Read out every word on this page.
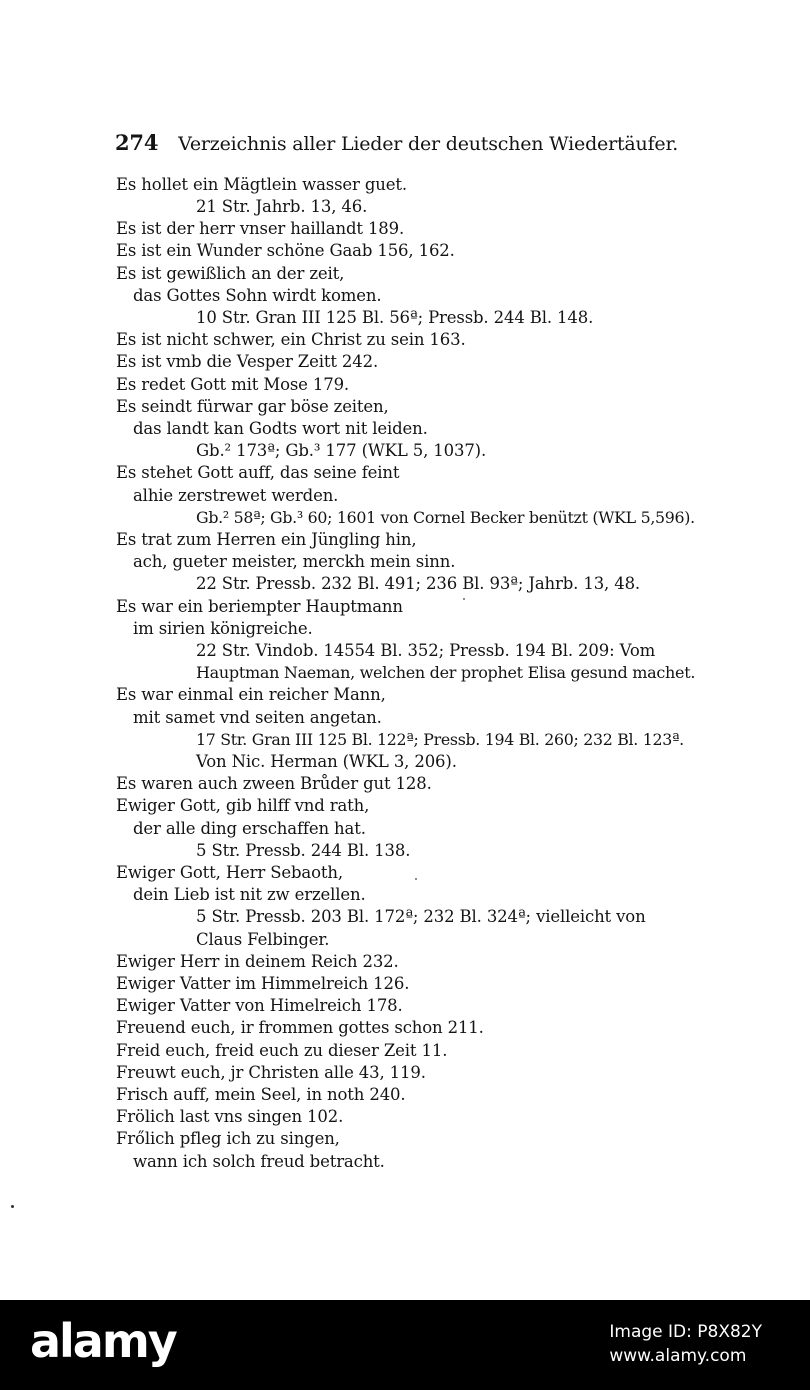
274 Verzeichnis aller Lieder der deutschen Wiedertäufer.
Es hollet ein Mägtlein wasser guet.
21 Str. Jahrb. 13, 46.
Es ist der herr vnser haillandt 189.
Es ist ein Wunder schöne Gaab 156, 162.
Es ist gewißlich an der zeit,
das Gottes Sohn wirdt komen.
10 Str. Gran III 125 Bl. 56ª; Pressb. 244 Bl. 148.
Es ist nicht schwer, ein Christ zu sein 163.
Es ist vmb die Vesper Zeitt 242.
Es redet Gott mit Mose 179.
Es seindt fürwar gar böse zeiten,
das landt kan Godts wort nit leiden.
Gb.² 173ª; Gb.³ 177 (WKL 5, 1037).
Es stehet Gott auff, das seine feint
alhie zerstrewet werden.
Gb.² 58ª; Gb.³ 60; 1601 von Cornel Becker benützt (WKL 5,596).
Es trat zum Herren ein Jüngling hin,
ach, gueter meister, merckh mein sinn.
22 Str. Pressb. 232 Bl. 491; 236 Bl. 93ª; Jahrb. 13, 48.
Es war ein beriempter Hauptmann
im sirien königreiche.
22 Str. Vindob. 14554 Bl. 352; Pressb. 194 Bl. 209: Vom
Hauptman Naeman, welchen der prophet Elisa gesund machet.
Es war einmal ein reicher Mann,
mit samet vnd seiten angetan.
17 Str. Gran III 125 Bl. 122ª; Pressb. 194 Bl. 260; 232 Bl. 123ª.
Von Nic. Herman (WKL 3, 206).
Es waren auch zween Brůder gut 128.
Ewiger Gott, gib hilff vnd rath,
der alle ding erschaffen hat.
5 Str. Pressb. 244 Bl. 138.
Ewiger Gott, Herr Sebaoth,
dein Lieb ist nit zw erzellen.
5 Str. Pressb. 203 Bl. 172ª; 232 Bl. 324ª; vielleicht von
Claus Felbinger.
Ewiger Herr in deinem Reich 232.
Ewiger Vatter im Himmelreich 126.
Ewiger Vatter von Himelreich 178.
Freuend euch, ir frommen gottes schon 211.
Freid euch, freid euch zu dieser Zeit 11.
Freuwt euch, jr Christen alle 43, 119.
Frisch auff, mein Seel, in noth 240.
Frölich last vns singen 102.
Frőlich pfleg ich zu singen,
wann ich solch freud betracht.
alamy	Image ID: P8X82Y
www.alamy.com
